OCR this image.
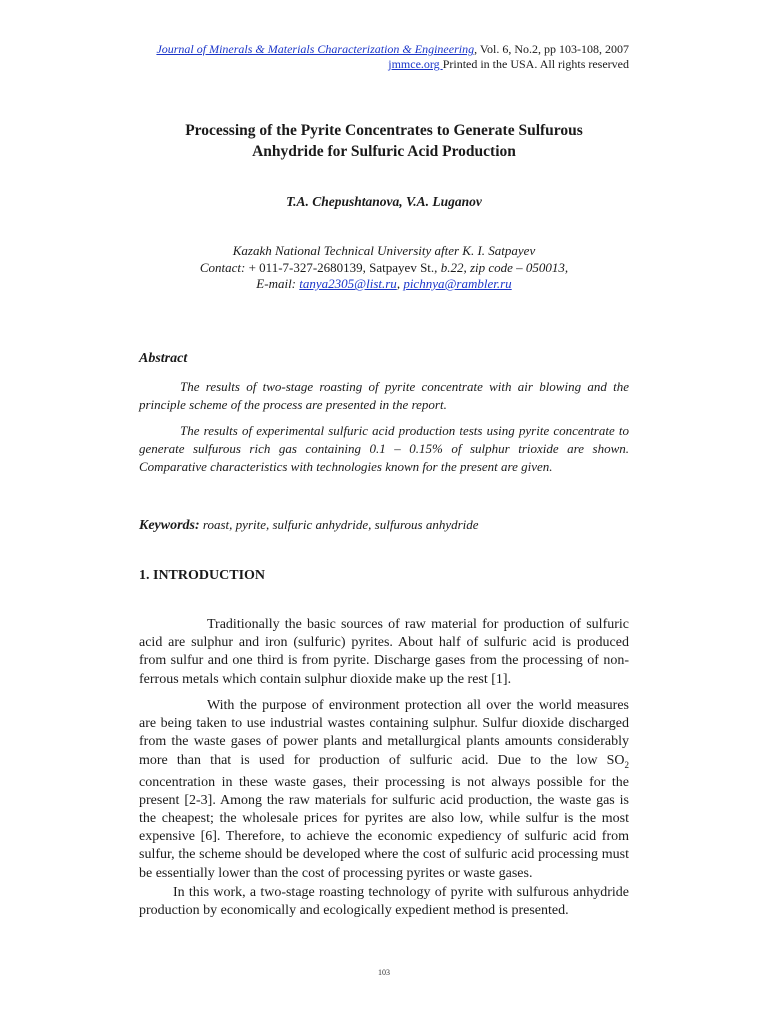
Journal of Minerals & Materials Characterization & Engineering, Vol. 6, No.2, pp 103-108, 2007
jmmce.org Printed in the USA. All rights reserved
Processing of the Pyrite Concentrates to Generate Sulfurous
Anhydride for Sulfuric Acid Production
T.A. Chepushtanova, V.A. Luganov
Kazakh National Technical University after K. I. Satpayev
Contact: + 011-7-327-2680139, Satpayev St., b.22, zip code – 050013,
E-mail: tanya2305@list.ru, pichnya@rambler.ru
Abstract

The results of two-stage roasting of pyrite concentrate with air blowing and the principle scheme of the process are presented in the report.

The results of experimental sulfuric acid production tests using pyrite concentrate to generate sulfurous rich gas containing 0.1 – 0.15% of sulphur trioxide are shown. Comparative characteristics with technologies known for the present are given.

Keywords: roast, pyrite, sulfuric anhydride, sulfurous anhydride
1. INTRODUCTION

Traditionally the basic sources of raw material for production of sulfuric acid are sulphur and iron (sulfuric) pyrites. About half of sulfuric acid is produced from sulfur and one third is from pyrite. Discharge gases from the processing of non-ferrous metals which contain sulphur dioxide make up the rest [1].

With the purpose of environment protection all over the world measures are being taken to use industrial wastes containing sulphur. Sulfur dioxide discharged from the waste gases of power plants and metallurgical plants amounts considerably more than that is used for production of sulfuric acid. Due to the low $SO_2$ concentration in these waste gases, their processing is not always possible for the present [2-3]. Among the raw materials for sulfuric acid production, the waste gas is the cheapest; the wholesale prices for pyrites are also low, while sulfur is the most expensive [6]. Therefore, to achieve the economic expediency of sulfuric acid from sulfur, the scheme should be developed where the cost of sulfuric acid processing must be essentially lower than the cost of processing pyrites or waste gases.

In this work, a two-stage roasting technology of pyrite with sulfurous anhydride production by economically and ecologically expedient method is presented.

103
